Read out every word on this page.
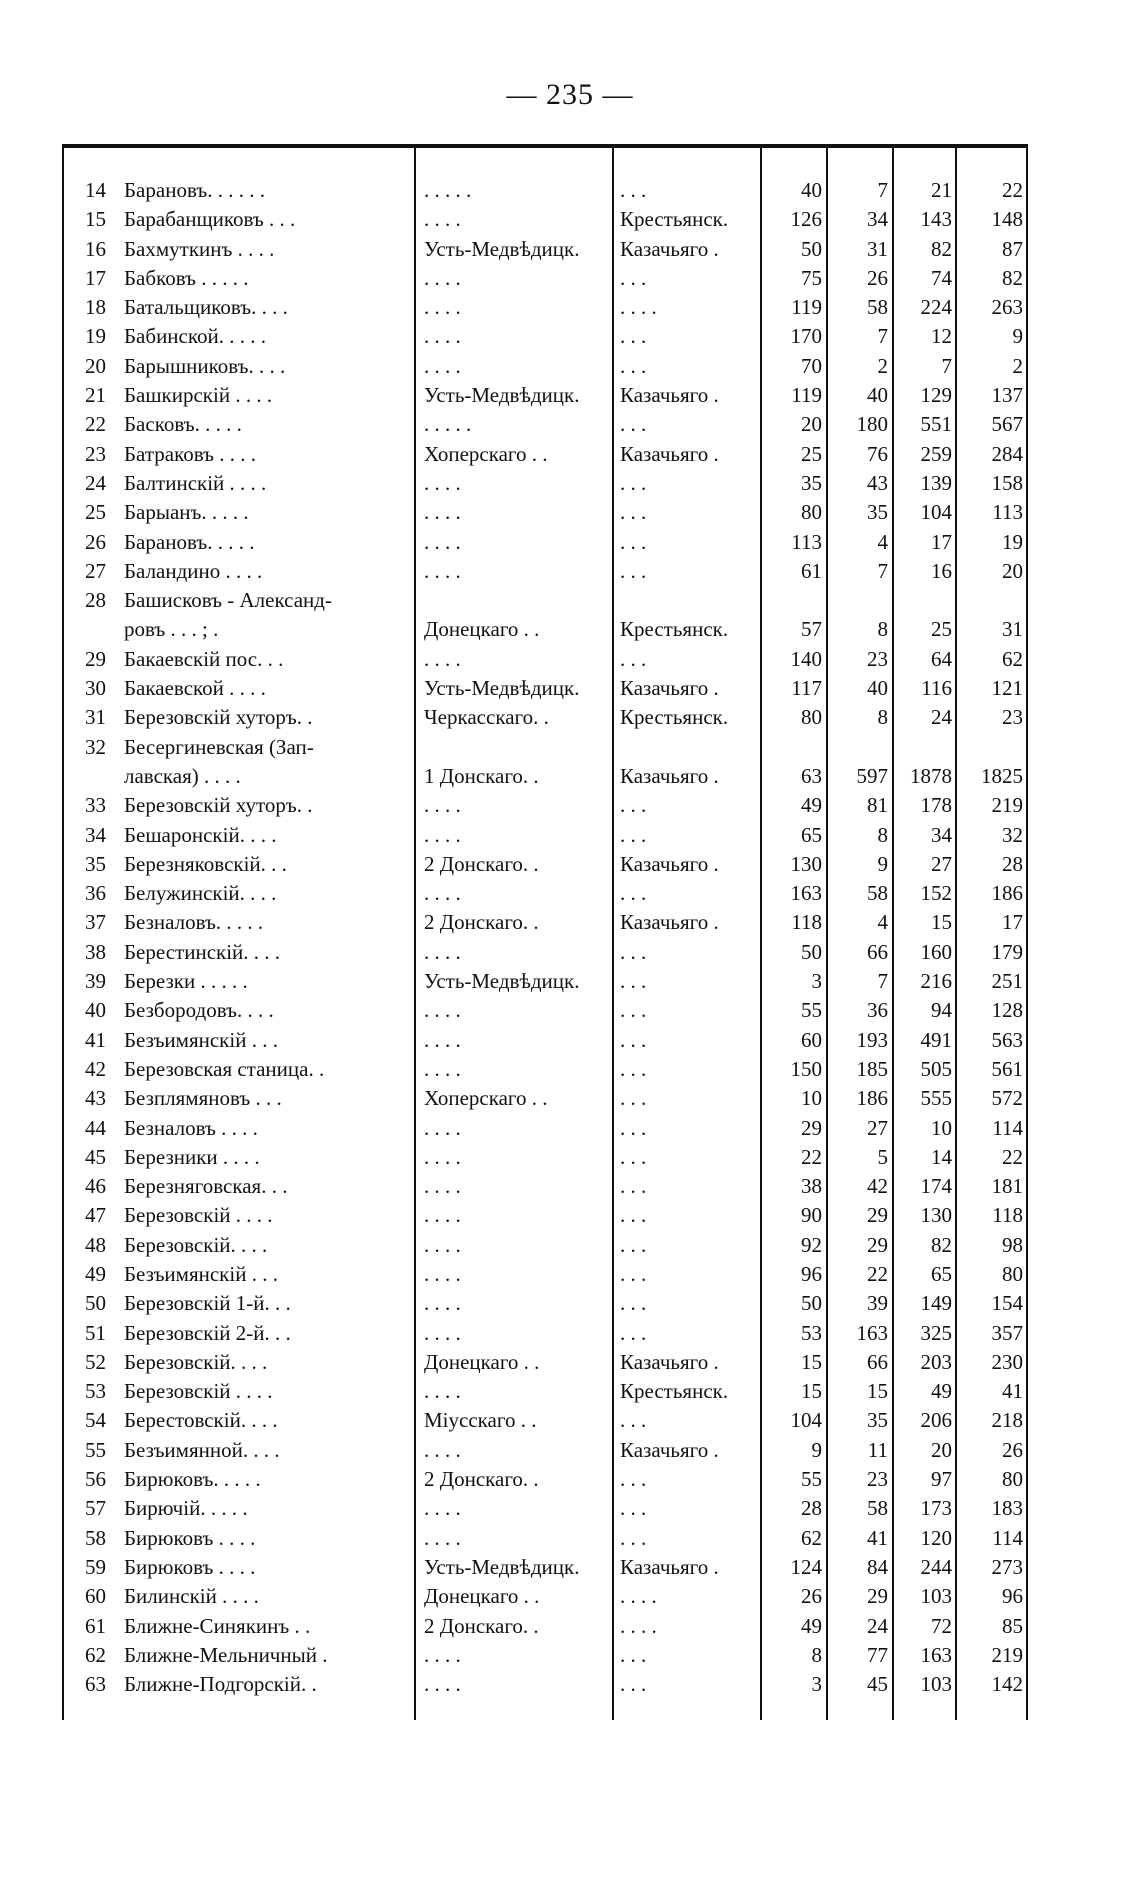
— 235 —
14 Барановъ. . . . . .	. . . . .	. . .	40	7	21	22
15 Барабанщиковъ . . .	. . . .	Крестьянск.	126	34	143	148
16 Бахмуткинъ . . . .	Усть-Медвѣдицк.	Казачьяго .	50	31	82	87
17 Бабковъ . . . . .	. . . .	. . .	75	26	74	82
18 Батальщиковъ. . . .	. . . .	. . . .	119	58	224	263
19 Бабинской. . . . .	. . . .	. . .	170	7	12	9
20 Барышниковъ. . . .	. . . .	. . .	70	2	7	2
21 Башкирскій . . . .	Усть-Медвѣдицк.	Казачьяго .	119	40	129	137
22 Басковъ. . . . .	. . . . .	. . .	20	180	551	567
23 Батраковъ . . . .	Хоперскаго . .	Казачьяго .	25	76	259	284
24 Балтинскій . . . .	. . . .	. . .	35	43	139	158
25 Барыанъ. . . . .	. . . .	. . .	80	35	104	113
26 Барановъ. . . . .	. . . .	. . .	113	4	17	19
27 Баландино . . . .	. . . .	. . .	61	7	16	20
28 Башисковъ - Александ-
ровъ . . . ; .	Донецкаго . .	Крестьянск.	57	8	25	31
29 Бакаевскій пос. . .	. . . .	. . .	140	23	64	62
30 Бакаевской . . . .	Усть-Медвѣдицк.	Казачьяго .	117	40	116	121
31 Березовскій хуторъ. .	Черкасскаго. .	Крестьянск.	80	8	24	23
32 Бесергиневская (Зап-
лавская) . . . .	1 Донскаго. .	Казачьяго .	63	597	1878	1825
33 Березовскій хуторъ. .	. . . .	. . .	49	81	178	219
34 Бешаронскій. . . .	. . . .	. . .	65	8	34	32
35 Березняковскій. . .	2 Донскаго. .	Казачьяго .	130	9	27	28
36 Белужинскій. . . .	. . . .	. . .	163	58	152	186
37 Безналовъ. . . . .	2 Донскаго. .	Казачьяго .	118	4	15	17
38 Берестинскій. . . .	. . . .	. . .	50	66	160	179
39 Березки . . . . .	Усть-Медвѣдицк.	. . .	3	7	216	251
40 Безбородовъ. . . .	. . . .	. . .	55	36	94	128
41 Безъимянскій . . .	. . . .	. . .	60	193	491	563
42 Березовская станица. .	. . . .	. . .	150	185	505	561
43 Безплямяновъ . . .	Хоперскаго . .	. . .	10	186	555	572
44 Безналовъ . . . .	. . . .	. . .	29	27	10	114
45 Березники . . . .	. . . .	. . .	22	5	14	22
46 Березняговская. . .	. . . .	. . .	38	42	174	181
47 Березовскій . . . .	. . . .	. . .	90	29	130	118
48 Березовскій. . . .	. . . .	. . .	92	29	82	98
49 Безъимянскій . . .	. . . .	. . .	96	22	65	80
50 Березовскій 1-й. . .	. . . .	. . .	50	39	149	154
51 Березовскій 2-й. . .	. . . .	. . .	53	163	325	357
52 Березовскій. . . .	Донецкаго . .	Казачьяго .	15	66	203	230
53 Березовскій . . . .	. . . .	Крестьянск.	15	15	49	41
54 Берестовскій. . . .	Міусскаго . .	. . .	104	35	206	218
55 Безъимянной. . . .	. . . .	Казачьяго .	9	11	20	26
56 Бирюковъ. . . . .	2 Донскаго. .	. . .	55	23	97	80
57 Бирючій. . . . .	. . . .	. . .	28	58	173	183
58 Бирюковъ . . . .	. . . .	. . .	62	41	120	114
59 Бирюковъ . . . .	Усть-Медвѣдицк.	Казачьяго .	124	84	244	273
60 Билинскій . . . .	Донецкаго . .	. . . .	26	29	103	96
61 Ближне-Синякинъ . .	2 Донскаго. .	. . . .	49	24	72	85
62 Ближне-Мельничный .	. . . .	. . .	8	77	163	219
63 Ближне-Подгорскій. .	. . . .	. . .	3	45	103	142
